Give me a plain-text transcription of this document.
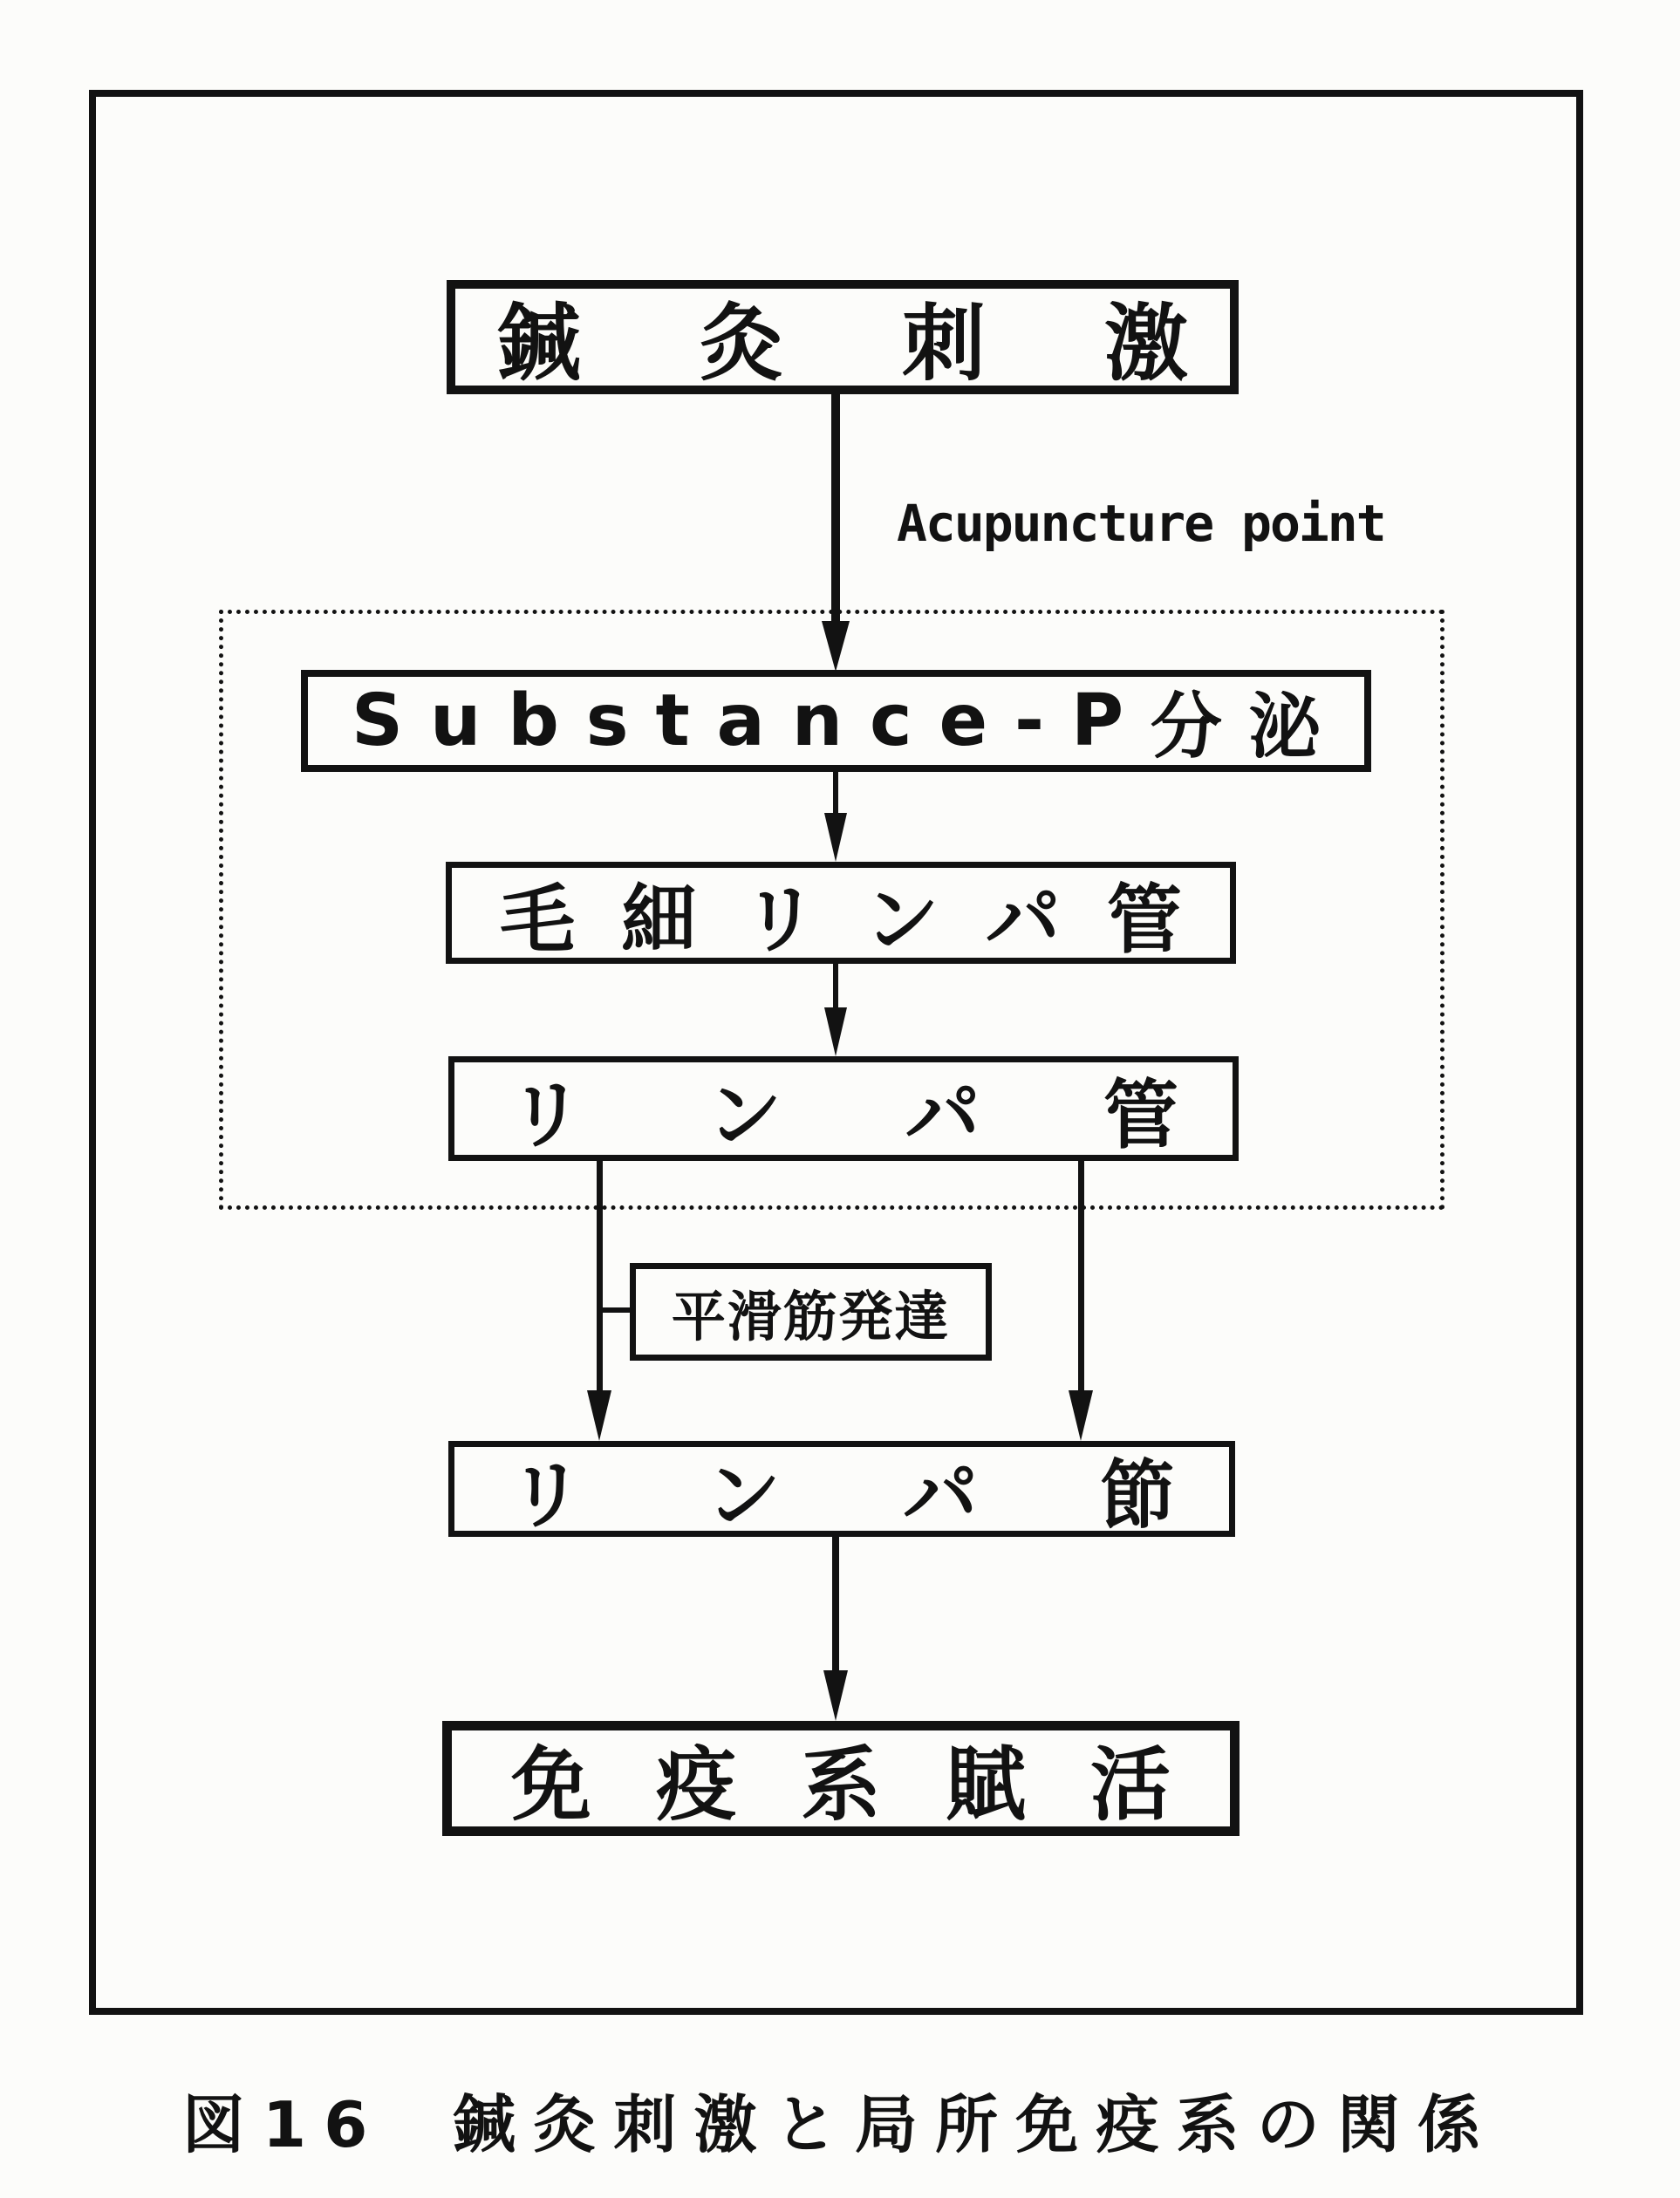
鍼 灸 刺 激
Acupuncture point
S u b s t a n c e - P 分 泌
毛 細 リ ン パ 管
リ ン パ 管
平滑筋発達
リ ン パ 節
免 疫 系 賦 活
図16 鍼灸刺激と局所免疫系の関係
